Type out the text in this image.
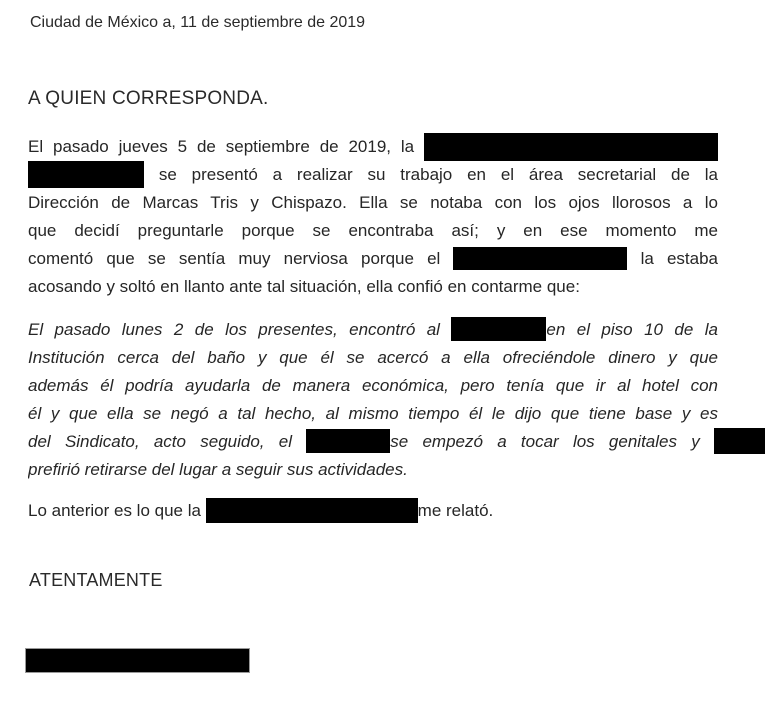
Ciudad de México a, 11 de septiembre de 2019
A QUIEN CORRESPONDA.
El pasado jueves 5 de septiembre de 2019, la
se presentó a realizar su trabajo en el área secretarial de la
Dirección de Marcas Tris y Chispazo. Ella se notaba con los ojos llorosos a lo
que decidí preguntarle porque se encontraba así; y en ese momento me
comentó que se sentía muy nerviosa porque el	la estaba
acosando y soltó en llanto ante tal situación, ella confió en contarme que:
El pasado lunes 2 de los presentes, encontró al	en el piso 10 de la
Institución cerca del baño y que él se acercó a ella ofreciéndole dinero y que
además él podría ayudarla de manera económica, pero tenía que ir al hotel con
él y que ella se negó a tal hecho, al mismo tiempo él le dijo que tiene base y es
del Sindicato, acto seguido, el	se empezó a tocar los genitales y
prefirió retirarse del lugar a seguir sus actividades.
Lo anterior es lo que la	me relató.
ATENTAMENTE
